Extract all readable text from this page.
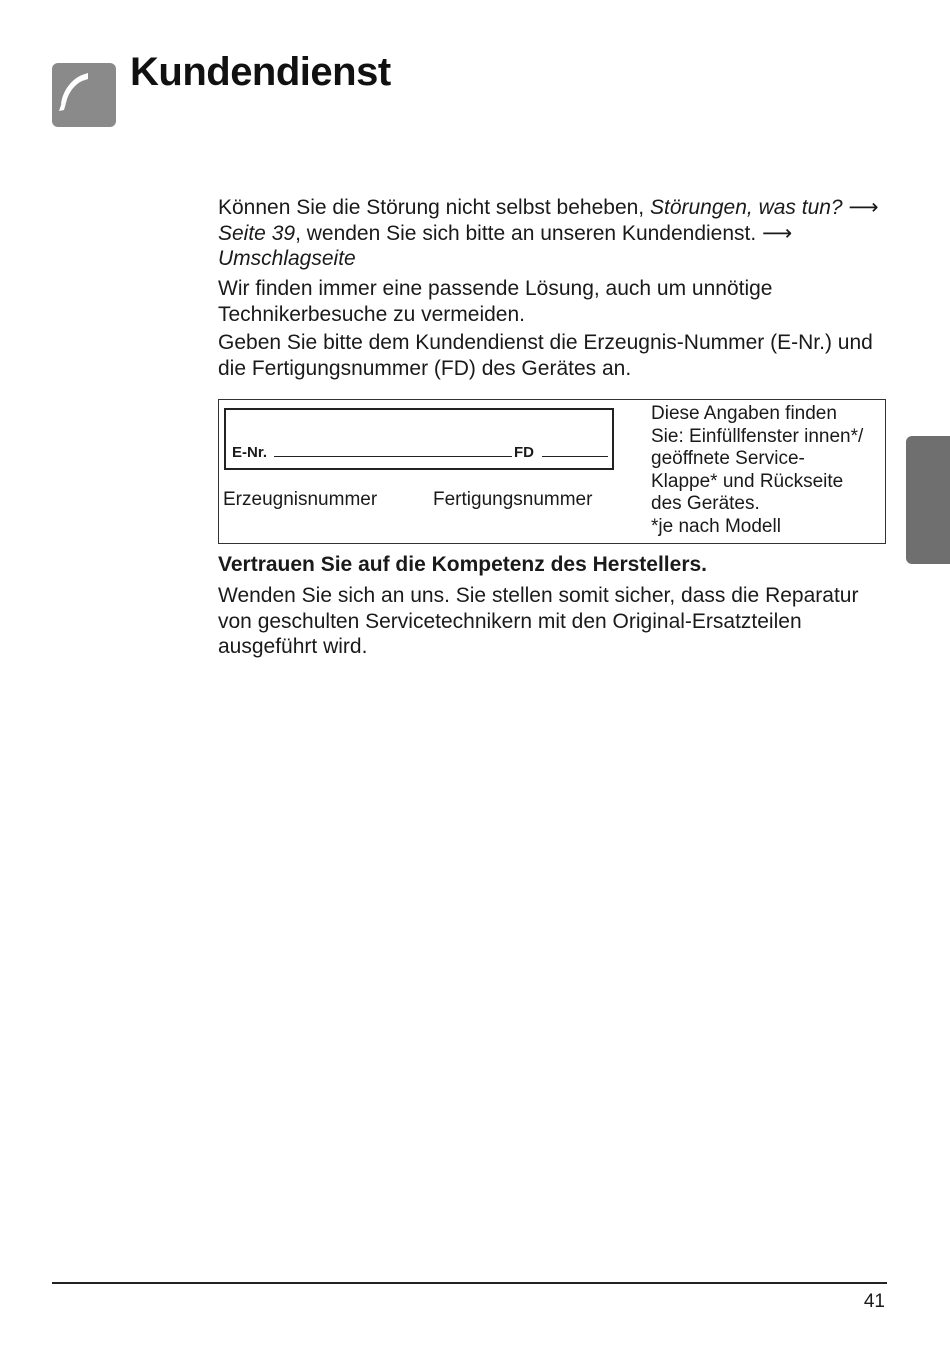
Kundendienst

Können Sie die Störung nicht selbst beheben, Störungen, was tun? ⟶ Seite 39, wenden Sie sich bitte an unseren Kundendienst. ⟶ Umschlagseite

Wir finden immer eine passende Lösung, auch um unnötige Technikerbesuche zu vermeiden.

Geben Sie bitte dem Kundendienst die Erzeugnis-Nummer (E-Nr.) und die Fertigungsnummer (FD) des Gerätes an.

E-Nr.	FD
Erzeugnisnummer	Fertigungsnummer
Diese Angaben finden
Sie: Einfüllfenster innen*/
geöffnete Service-
Klappe* und Rückseite
des Gerätes.
*je nach Modell

Vertrauen Sie auf die Kompetenz des Herstellers.

Wenden Sie sich an uns. Sie stellen somit sicher, dass die Reparatur von geschulten Servicetechnikern mit den Original-Ersatzteilen ausgeführt wird.

41
